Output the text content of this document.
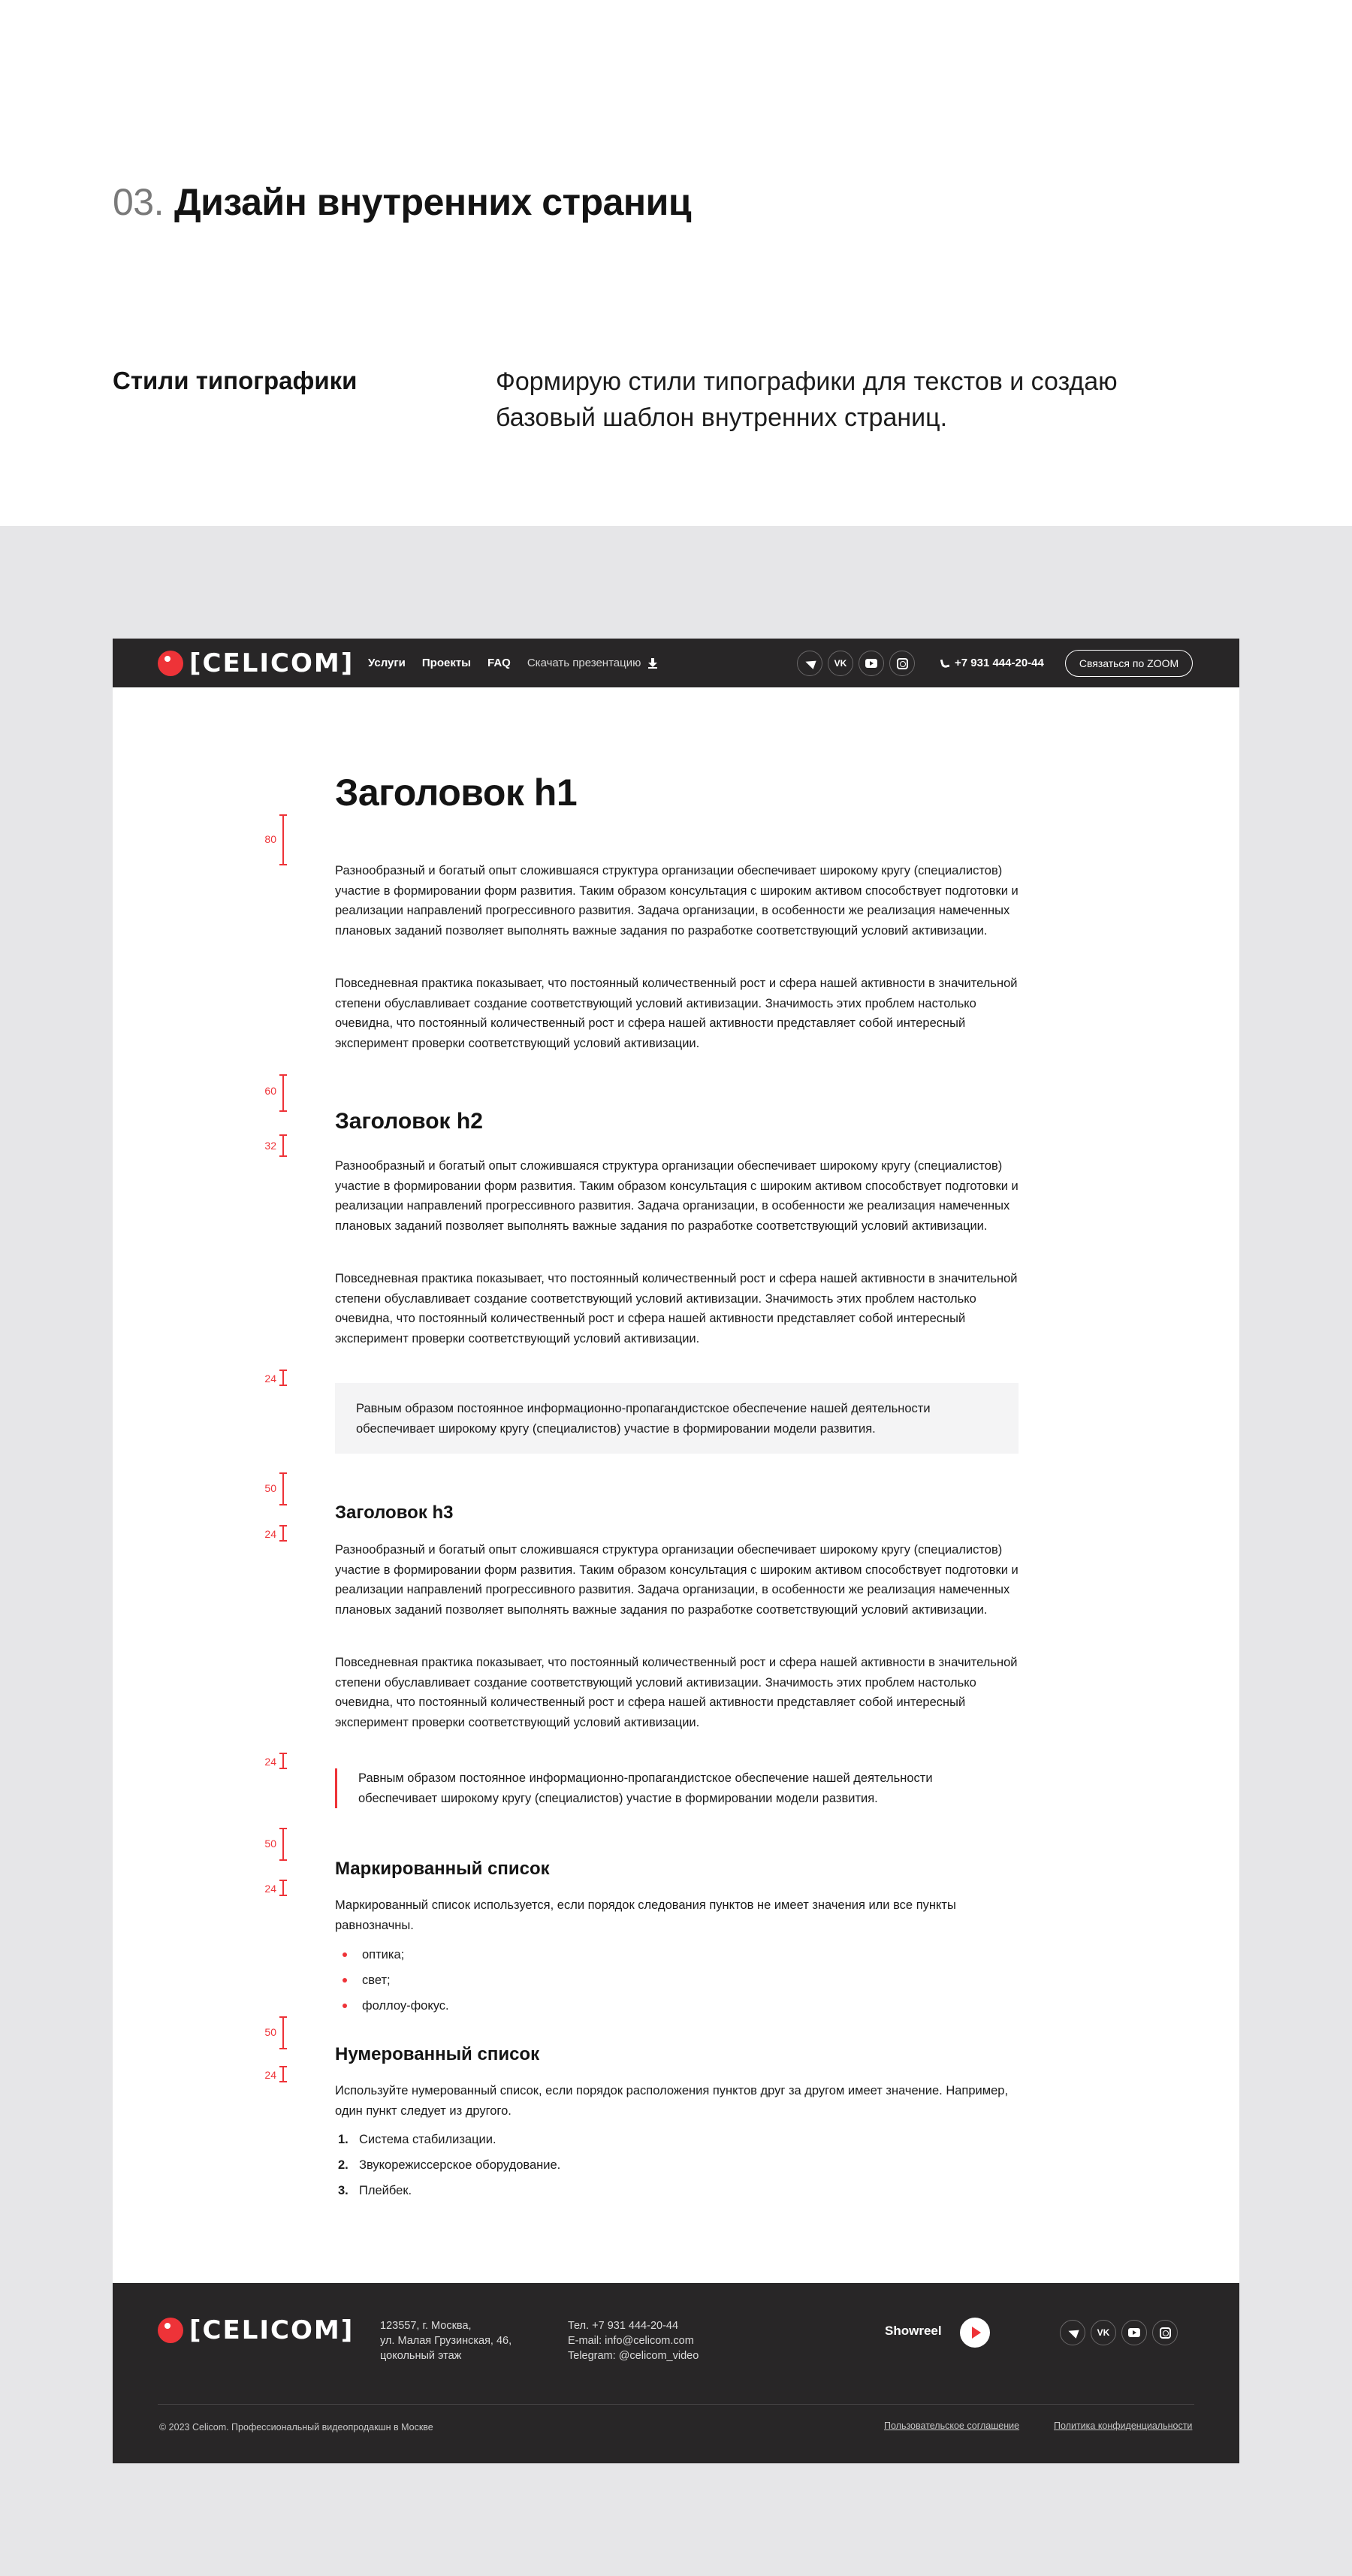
03. Дизайн внутренних страниц
Стили типографики	Формирую стили типографики для текстов и создаю базовый шаблон внутренних страниц.
[CELICOM] Услуги Проекты FAQ Скачать презентацию	VK	+7 931 444-20-44	Связаться по ZOOM
Заголовок h1

Разнообразный и богатый опыт сложившаяся структура организации обеспечивает широкому кругу (специалистов) участие в формировании форм развития. Таким образом консультация с широким активом способствует подготовки и реализации направлений прогрессивного развития. Задача организации, в особенности же реализация намеченных плановых заданий позволяет выполнять важные задания по разработке соответствующий условий активизации.

Повседневная практика показывает, что постоянный количественный рост и сфера нашей активности в значительной степени обуславливает создание соответствующий условий активизации. Значимость этих проблем настолько очевидна, что постоянный количественный рост и сфера нашей активности представляет собой интересный эксперимент проверки соответствующий условий активизации.

Заголовок h2

Разнообразный и богатый опыт сложившаяся структура организации обеспечивает широкому кругу (специалистов) участие в формировании форм развития. Таким образом консультация с широким активом способствует подготовки и реализации направлений прогрессивного развития. Задача организации, в особенности же реализация намеченных плановых заданий позволяет выполнять важные задания по разработке соответствующий условий активизации.

Повседневная практика показывает, что постоянный количественный рост и сфера нашей активности в значительной степени обуславливает создание соответствующий условий активизации. Значимость этих проблем настолько очевидна, что постоянный количественный рост и сфера нашей активности представляет собой интересный эксперимент проверки соответствующий условий активизации.

Равным образом постоянное информационно-пропагандистское обеспечение нашей деятельности обеспечивает широкому кругу (специалистов) участие в формировании модели развития.
Заголовок h3

Разнообразный и богатый опыт сложившаяся структура организации обеспечивает широкому кругу (специалистов) участие в формировании форм развития. Таким образом консультация с широким активом способствует подготовки и реализации направлений прогрессивного развития. Задача организации, в особенности же реализация намеченных плановых заданий позволяет выполнять важные задания по разработке соответствующий условий активизации.

Повседневная практика показывает, что постоянный количественный рост и сфера нашей активности в значительной степени обуславливает создание соответствующий условий активизации. Значимость этих проблем настолько очевидна, что постоянный количественный рост и сфера нашей активности представляет собой интересный эксперимент проверки соответствующий условий активизации.

Равным образом постоянное информационно-пропагандистское обеспечение нашей деятельности обеспечивает широкому кругу (специалистов) участие в формировании модели развития.
Маркированный список

Маркированный список используется, если порядок следования пунктов не имеет значения или все пункты равнозначны.

оптика;
свет;
фоллоу-фокус.
Нумерованный список

Используйте нумерованный список, если порядок расположения пунктов друг за другом имеет значение. Например, один пункт следует из другого.

1. Система стабилизации.
2. Звукорежиссерское оборудование.
3. Плейбек.
80
60
32
24
50
24
24
50
24
50
24
[CELICOM] 123557, г. Москва,
ул. Малая Грузинская, 46,
цокольный этаж
Тел. +7 931 444-20-44
E-mail: info@celicom.com
Telegram: @celicom_video
Showreel	VK
© 2023 Celicom. Профессиональный видеопродакшн в Москве	Пользовательское соглашение	Политика конфиденциальности
